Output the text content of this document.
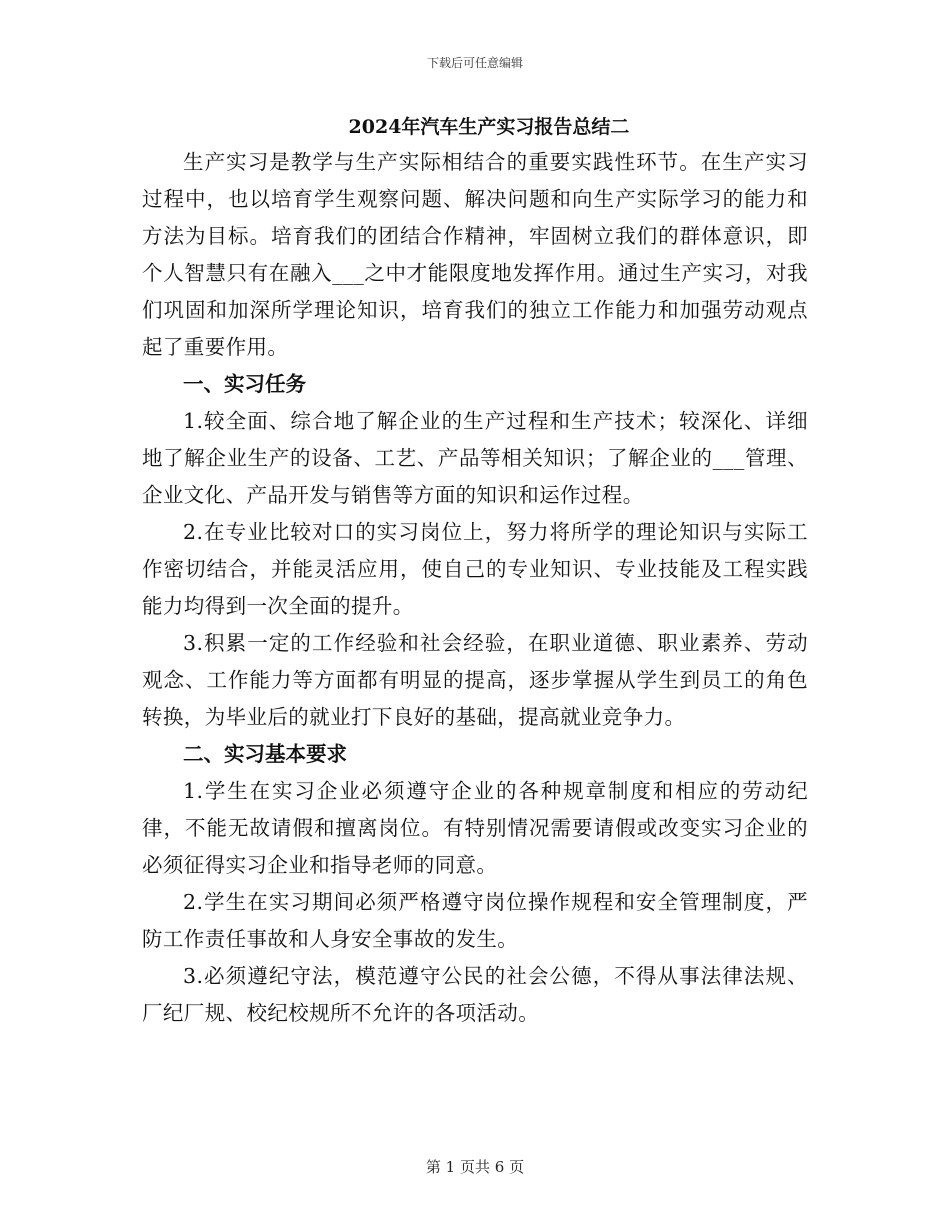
下载后可任意编辑
2024年汽车生产实习报告总结二

生产实习是教学与生产实际相结合的重要实践性环节。在生产实习过程中，也以培育学生观察问题、解决问题和向生产实际学习的能力和方法为目标。培育我们的团结合作精神，牢固树立我们的群体意识，即个人智慧只有在融入___之中才能限度地发挥作用。通过生产实习，对我们巩固和加深所学理论知识，培育我们的独立工作能力和加强劳动观点起了重要作用。

一、实习任务

1.较全面、综合地了解企业的生产过程和生产技术；较深化、详细地了解企业生产的设备、工艺、产品等相关知识；了解企业的___管理、企业文化、产品开发与销售等方面的知识和运作过程。

2.在专业比较对口的实习岗位上，努力将所学的理论知识与实际工作密切结合，并能灵活应用，使自己的专业知识、专业技能及工程实践能力均得到一次全面的提升。

3.积累一定的工作经验和社会经验，在职业道德、职业素养、劳动观念、工作能力等方面都有明显的提高，逐步掌握从学生到员工的角色转换，为毕业后的就业打下良好的基础，提高就业竞争力。

二、实习基本要求

1.学生在实习企业必须遵守企业的各种规章制度和相应的劳动纪律，不能无故请假和擅离岗位。有特别情况需要请假或改变实习企业的必须征得实习企业和指导老师的同意。

2.学生在实习期间必须严格遵守岗位操作规程和安全管理制度，严防工作责任事故和人身安全事故的发生。

3.必须遵纪守法，模范遵守公民的社会公德，不得从事法律法规、厂纪厂规、校纪校规所不允许的各项活动。

第 1 页共 6 页
